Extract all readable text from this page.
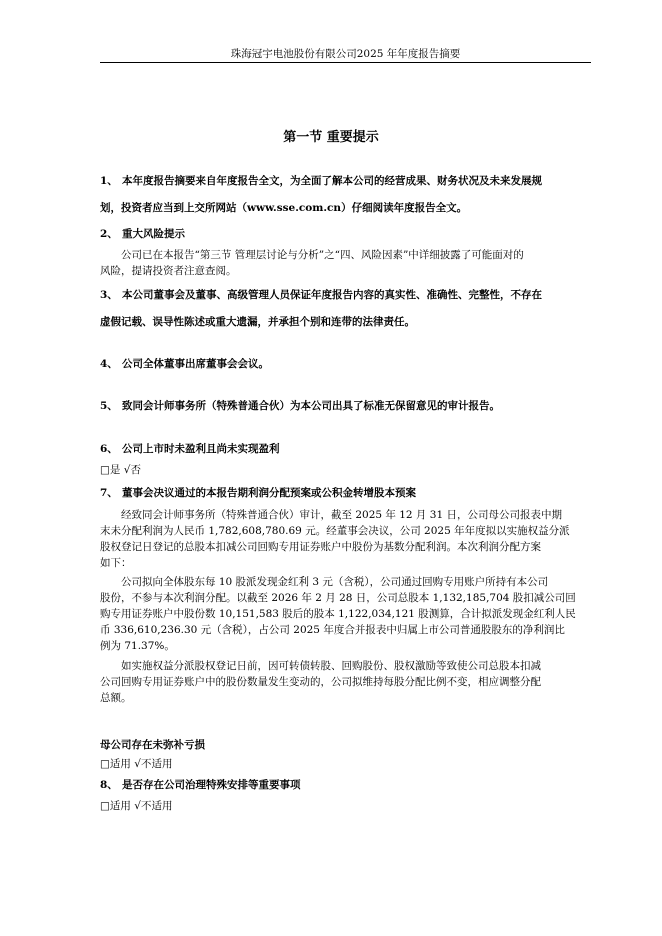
珠海冠宇电池股份有限公司2025 年年度报告摘要
第一节 重要提示
1、 本年度报告摘要来自年度报告全文，为全面了解本公司的经营成果、财务状况及未来发展规
划，投资者应当到上交所网站（www.sse.com.cn）仔细阅读年度报告全文。
2、 重大风险提示
公司已在本报告“第三节 管理层讨论与分析”之“四、风险因素”中详细披露了可能面对的
风险，提请投资者注意查阅。
3、 本公司董事会及董事、高级管理人员保证年度报告内容的真实性、准确性、完整性，不存在
虚假记载、误导性陈述或重大遗漏，并承担个别和连带的法律责任。
4、 公司全体董事出席董事会会议。
5、 致同会计师事务所（特殊普通合伙）为本公司出具了标准无保留意见的审计报告。
6、 公司上市时未盈利且尚未实现盈利
□是 √否
7、 董事会决议通过的本报告期利润分配预案或公积金转增股本预案
经致同会计师事务所（特殊普通合伙）审计，截至 2025 年 12 月 31 日，公司母公司报表中期
末未分配利润为人民币 1,782,608,780.69 元。经董事会决议，公司 2025 年年度拟以实施权益分派
股权登记日登记的总股本扣减公司回购专用证券账户中股份为基数分配利润。本次利润分配方案
如下：
公司拟向全体股东每 10 股派发现金红利 3 元（含税），公司通过回购专用账户所持有本公司
股份，不参与本次利润分配。以截至 2026 年 2 月 28 日，公司总股本 1,132,185,704 股扣减公司回
购专用证券账户中股份数 10,151,583 股后的股本 1,122,034,121 股测算，合计拟派发现金红利人民
币 336,610,236.30 元（含税），占公司 2025 年度合并报表中归属上市公司普通股股东的净利润比
例为 71.37%。
如实施权益分派股权登记日前，因可转债转股、回购股份、股权激励等致使公司总股本扣减
公司回购专用证券账户中的股份数量发生变动的，公司拟维持每股分配比例不变，相应调整分配
总额。
母公司存在未弥补亏损
□适用 √不适用
8、 是否存在公司治理特殊安排等重要事项
□适用 √不适用
